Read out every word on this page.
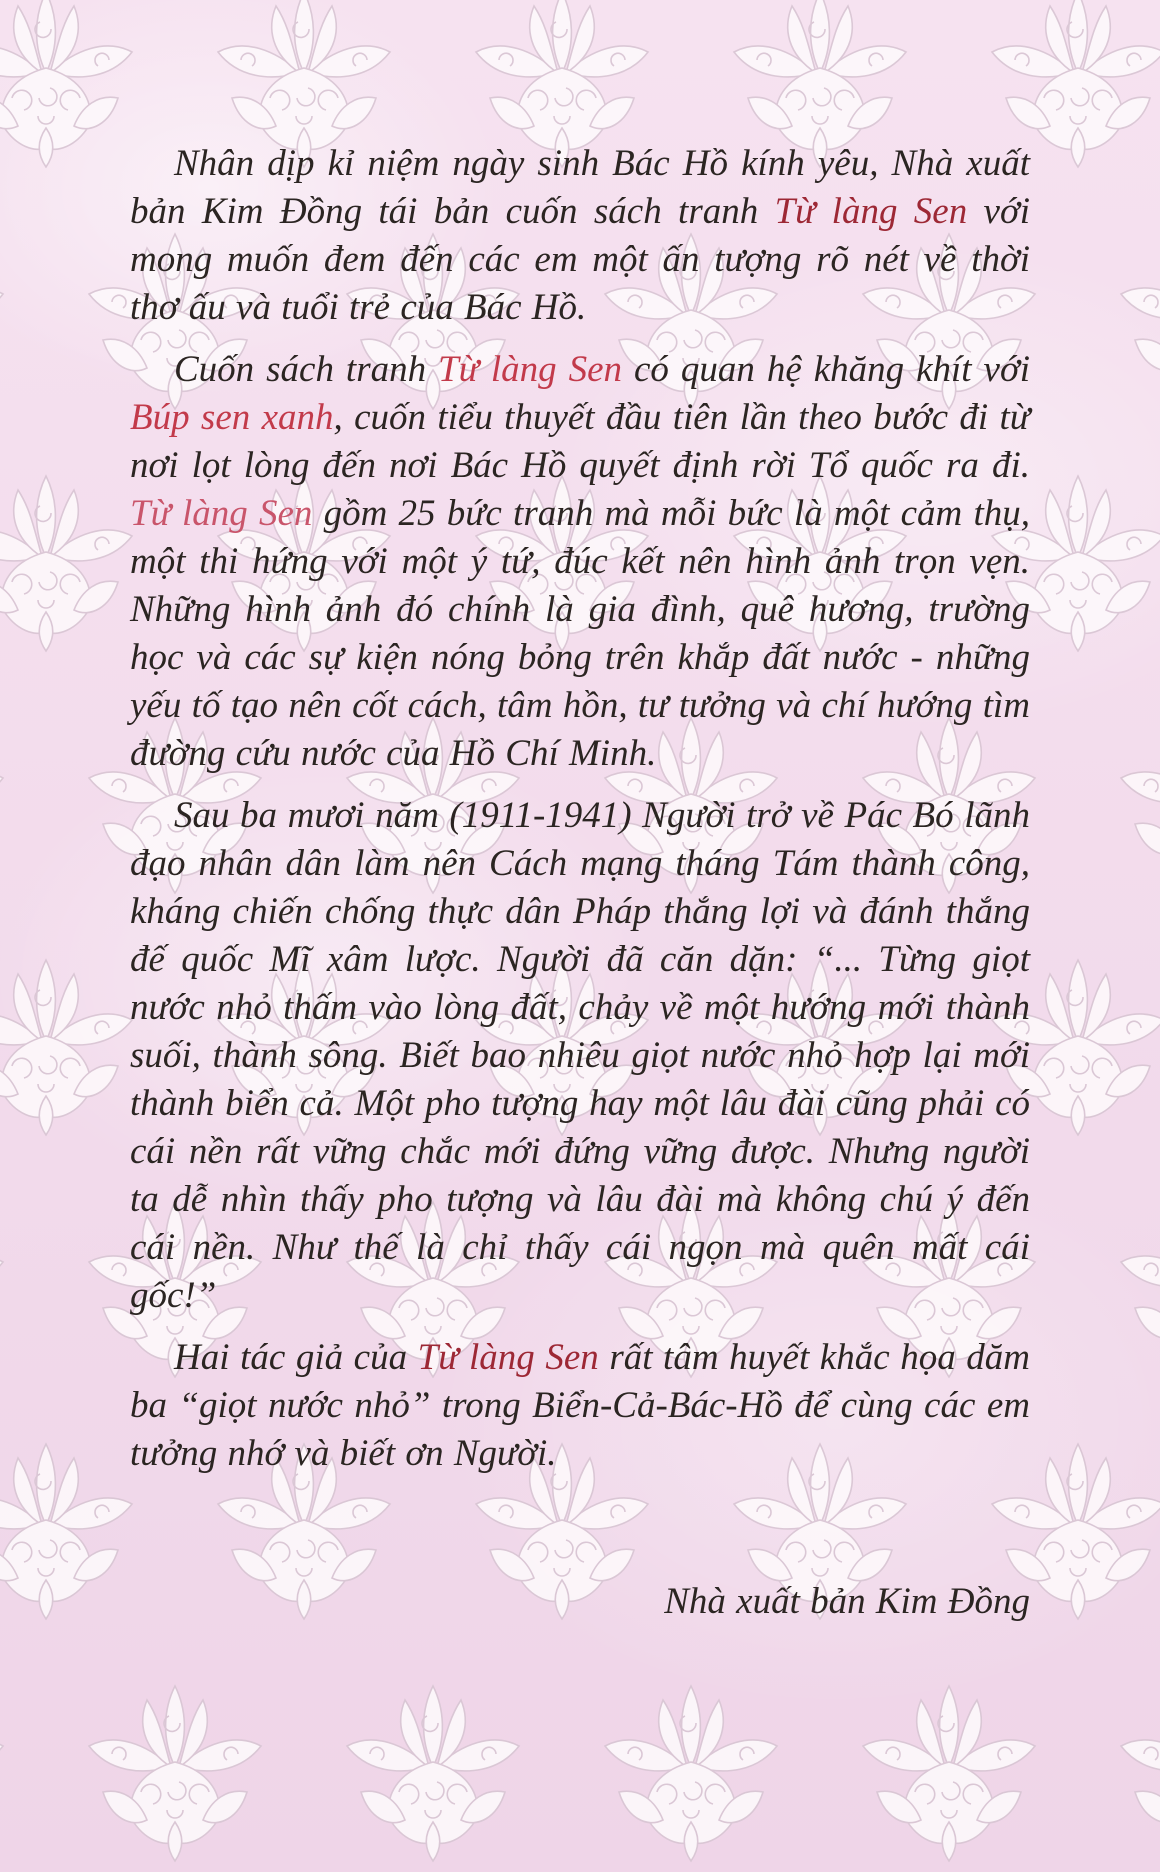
Nhân dịp kỉ niệm ngày sinh Bác Hồ kính yêu, Nhà xuất bản Kim Đồng tái bản cuốn sách tranh Từ làng Sen với mong muốn đem đến các em một ấn tượng rõ nét về thời thơ ấu và tuổi trẻ của Bác Hồ.

Cuốn sách tranh Từ làng Sen có quan hệ khăng khít với Búp sen xanh, cuốn tiểu thuyết đầu tiên lần theo bước đi từ nơi lọt lòng đến nơi Bác Hồ quyết định rời Tổ quốc ra đi. Từ làng Sen gồm 25 bức tranh mà mỗi bức là một cảm thụ, một thi hứng với một ý tứ, đúc kết nên hình ảnh trọn vẹn. Những hình ảnh đó chính là gia đình, quê hương, trường học và các sự kiện nóng bỏng trên khắp đất nước - những yếu tố tạo nên cốt cách, tâm hồn, tư tưởng và chí hướng tìm đường cứu nước của Hồ Chí Minh.

Sau ba mươi năm (1911-1941) Người trở về Pác Bó lãnh đạo nhân dân làm nên Cách mạng tháng Tám thành công, kháng chiến chống thực dân Pháp thắng lợi và đánh thắng đế quốc Mĩ xâm lược. Người đã căn dặn: “... Từng giọt nước nhỏ thấm vào lòng đất, chảy về một hướng mới thành suối, thành sông. Biết bao nhiêu giọt nước nhỏ hợp lại mới thành biển cả. Một pho tượng hay một lâu đài cũng phải có cái nền rất vững chắc mới đứng vững được. Nhưng người ta dễ nhìn thấy pho tượng và lâu đài mà không chú ý đến cái nền. Như thế là chỉ thấy cái ngọn mà quên mất cái gốc!”

Hai tác giả của Từ làng Sen rất tâm huyết khắc họa dăm ba “giọt nước nhỏ” trong Biển-Cả-Bác-Hồ để cùng các em tưởng nhớ và biết ơn Người.

Nhà xuất bản Kim Đồng
